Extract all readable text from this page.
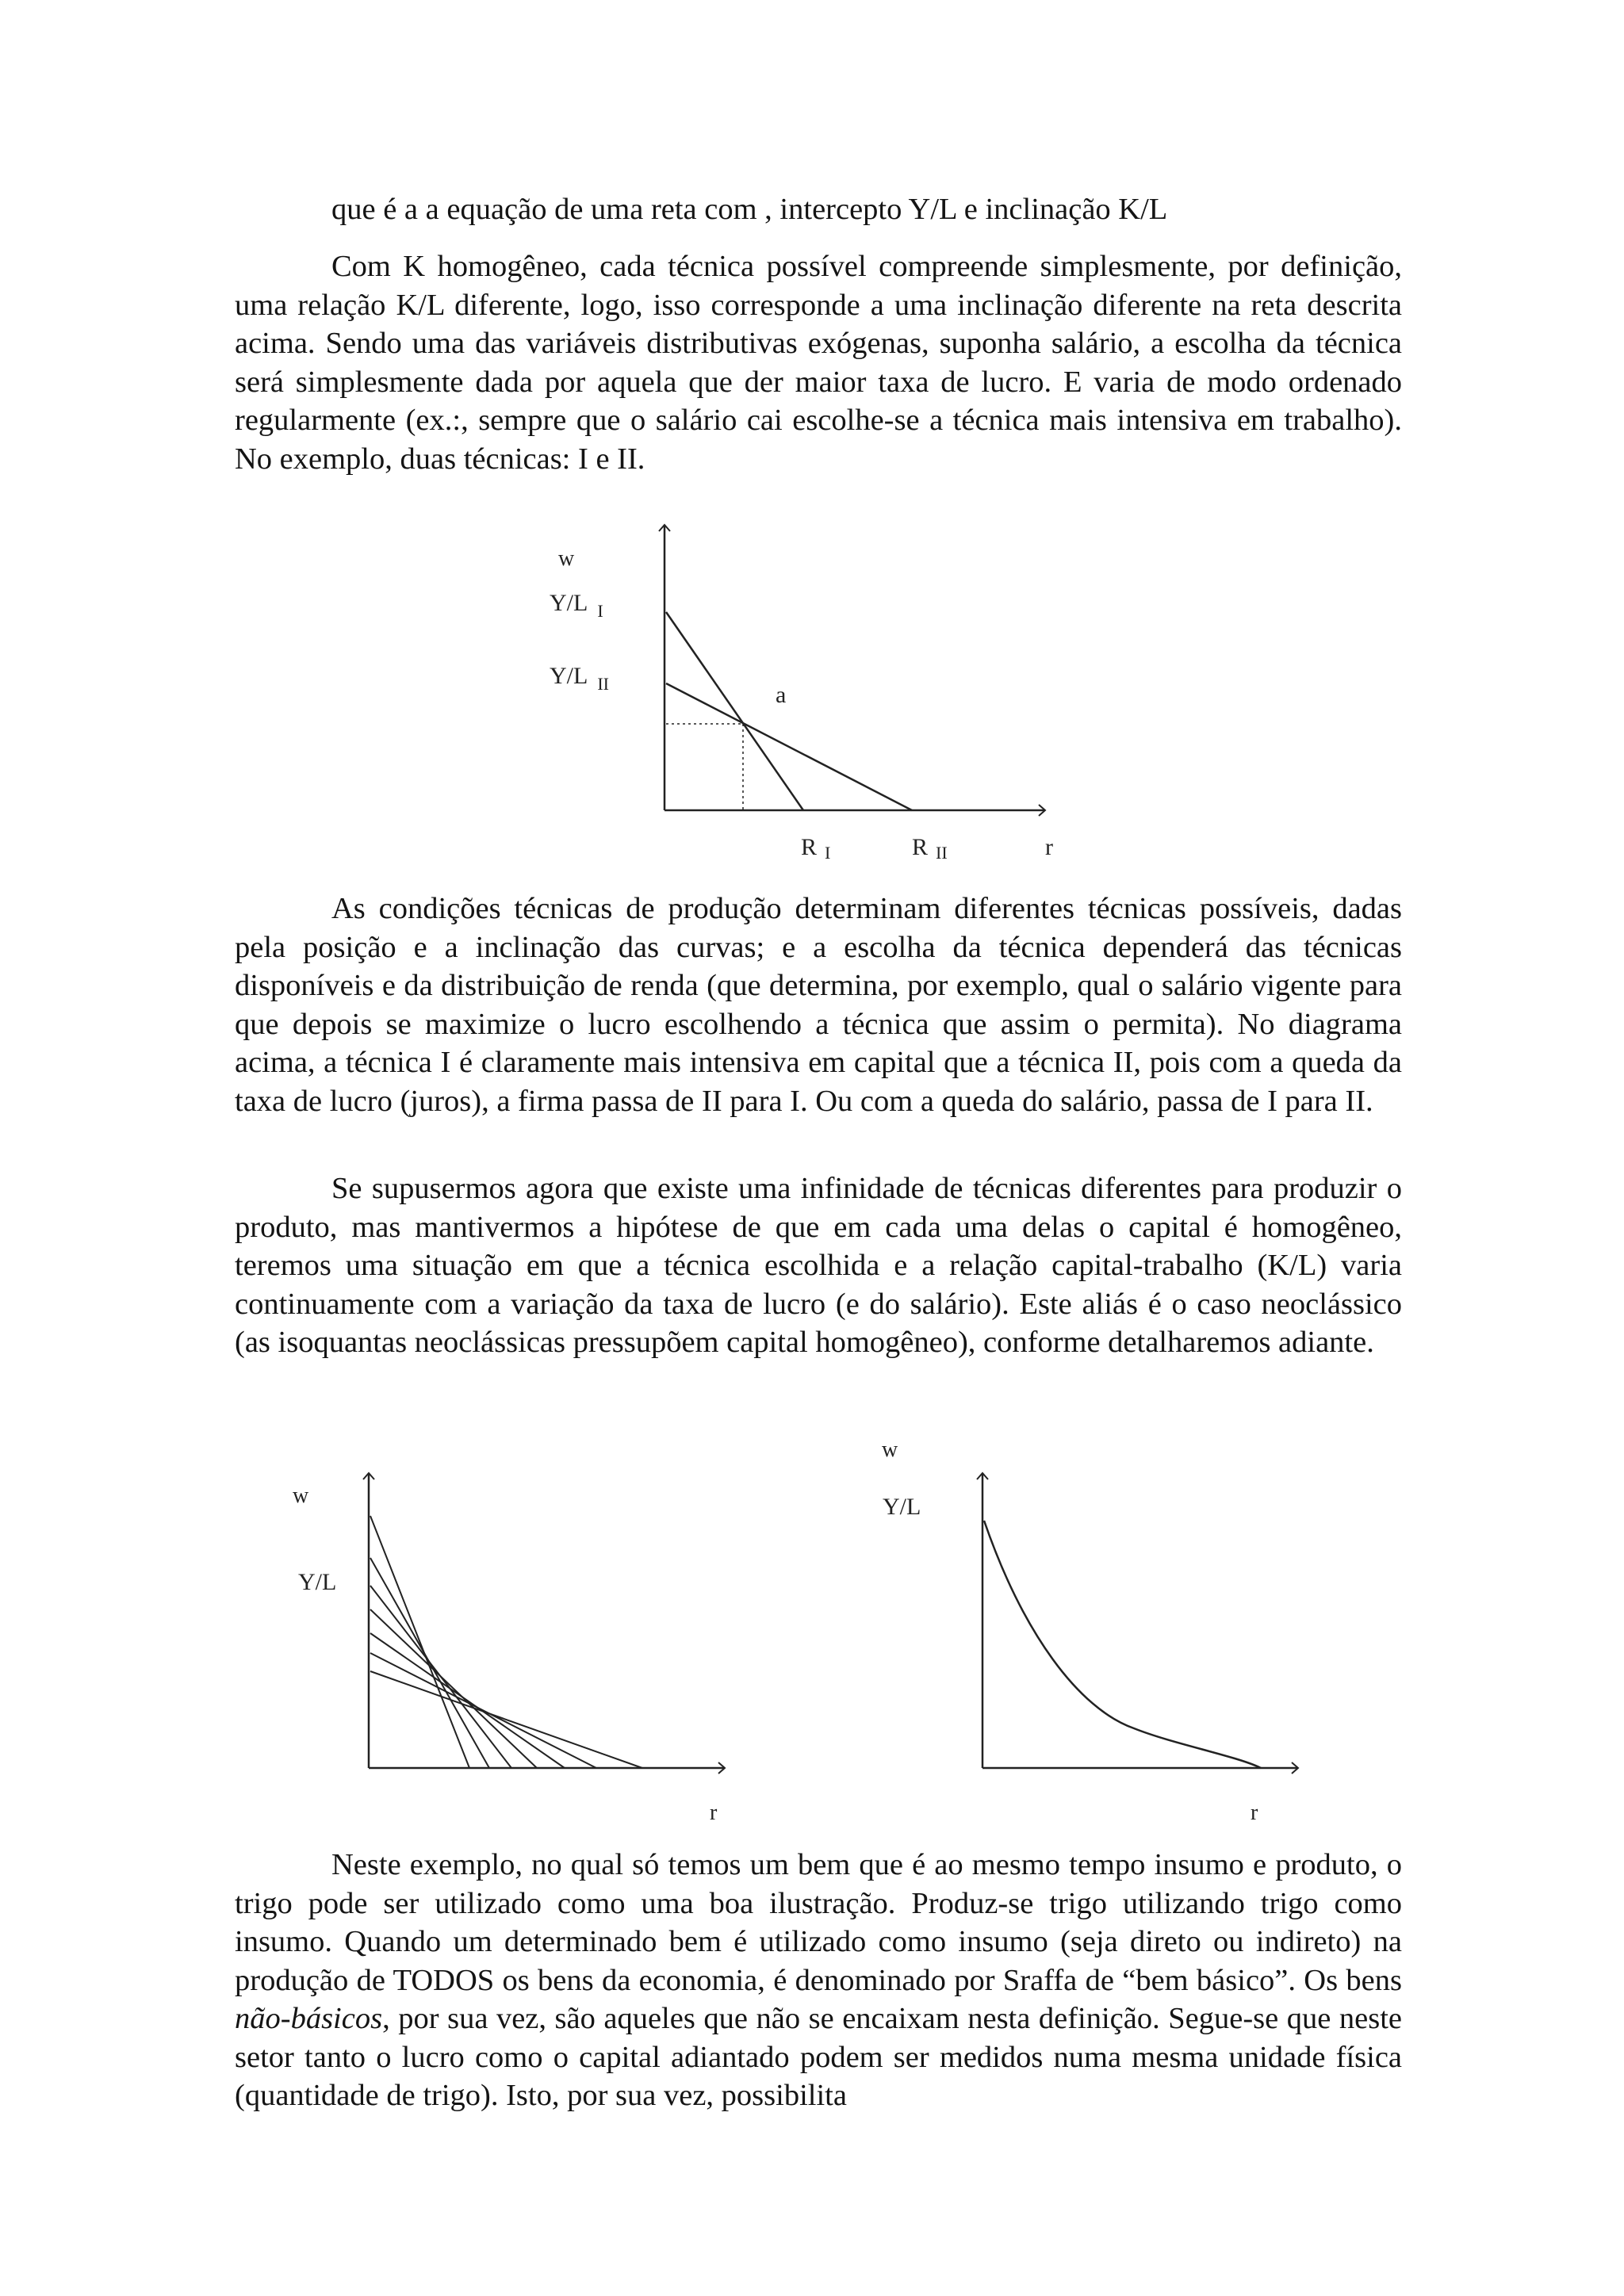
que é a a equação de uma reta com , intercepto Y/L e inclinação K/L

Com K homogêneo, cada técnica possível compreende simplesmente, por definição, uma relação K/L diferente, logo, isso corresponde a uma inclinação diferente na reta descrita acima. Sendo uma das variáveis distributivas exógenas, suponha salário, a escolha da técnica será simplesmente dada por aquela que der maior taxa de lucro. E varia de modo ordenado regularmente (ex.:, sempre que o salário cai escolhe-se a técnica mais intensiva em trabalho). No exemplo, duas técnicas: I e II.

As condições técnicas de produção determinam diferentes técnicas possíveis, dadas pela posição e a inclinação das curvas; e a escolha da técnica dependerá das técnicas disponíveis e da distribuição de renda (que determina, por exemplo, qual o salário vigente para que depois se maximize o lucro escolhendo a técnica que assim o permita). No diagrama acima, a técnica I é claramente mais intensiva em capital que a técnica II, pois com a queda da taxa de lucro (juros), a firma passa de II para I. Ou com a queda do salário, passa de I para II.

Se supusermos agora que existe uma infinidade de técnicas diferentes para produzir o produto, mas mantivermos a hipótese de que em cada uma delas o capital é homogêneo, teremos uma situação em que a técnica escolhida e a relação capital-trabalho (K/L) varia continuamente com a variação da taxa de lucro (e do salário). Este aliás é o caso neoclássico (as isoquantas neoclássicas pressupõem capital homogêneo), conforme detalharemos adiante.

Neste exemplo, no qual só temos um bem que é ao mesmo tempo insumo e produto, o trigo pode ser utilizado como uma boa ilustração. Produz-se trigo utilizando trigo como insumo. Quando um determinado bem é utilizado como insumo (seja direto ou indireto) na produção de TODOS os bens da economia, é denominado por Sraffa de “bem básico”. Os bens não-básicos, por sua vez, são aqueles que não se encaixam nesta definição. Segue-se que neste setor tanto o lucro como o capital adiantado podem ser medidos numa mesma unidade física (quantidade de trigo). Isto, por sua vez, possibilita

w
Y/L $_I$
Y/L $_{II}$	a
R I	R II	r
w
Y/L
r
w
Y/L
r
